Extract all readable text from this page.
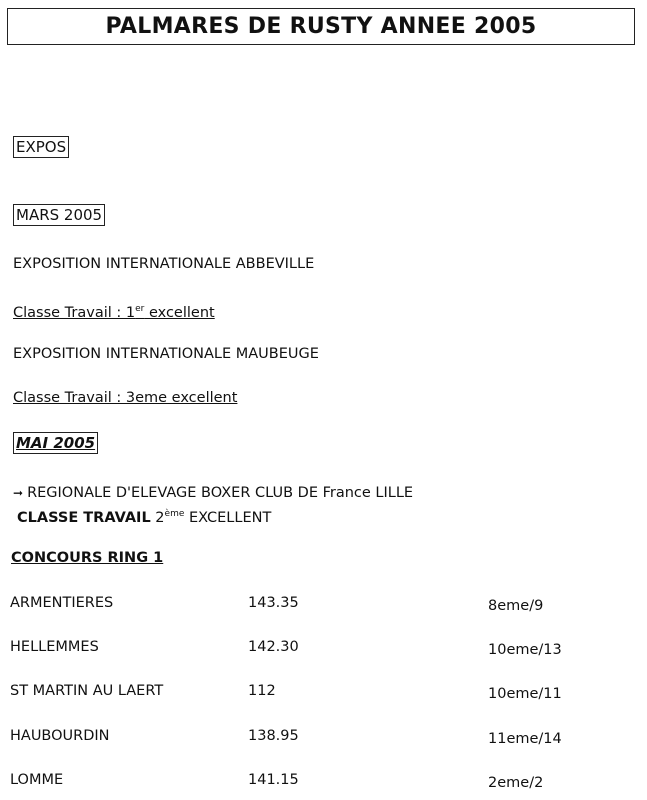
PALMARES DE RUSTY ANNEE 2005
EXPOS
MARS 2005
EXPOSITION INTERNATIONALE ABBEVILLE
Classe Travail : 1er excellent
EXPOSITION INTERNATIONALE MAUBEUGE
Classe Travail : 3eme excellent
MAI 2005
➞ REGIONALE D'ELEVAGE BOXER CLUB DE France LILLE
CLASSE TRAVAIL 2ème EXCELLENT
CONCOURS RING 1
ARMENTIERES	143.35	8eme/9
HELLEMMES	142.30	10eme/13
ST MARTIN AU LAERT	112	10eme/11
HAUBOURDIN	138.95	11eme/14
LOMME	141.15	2eme/2
